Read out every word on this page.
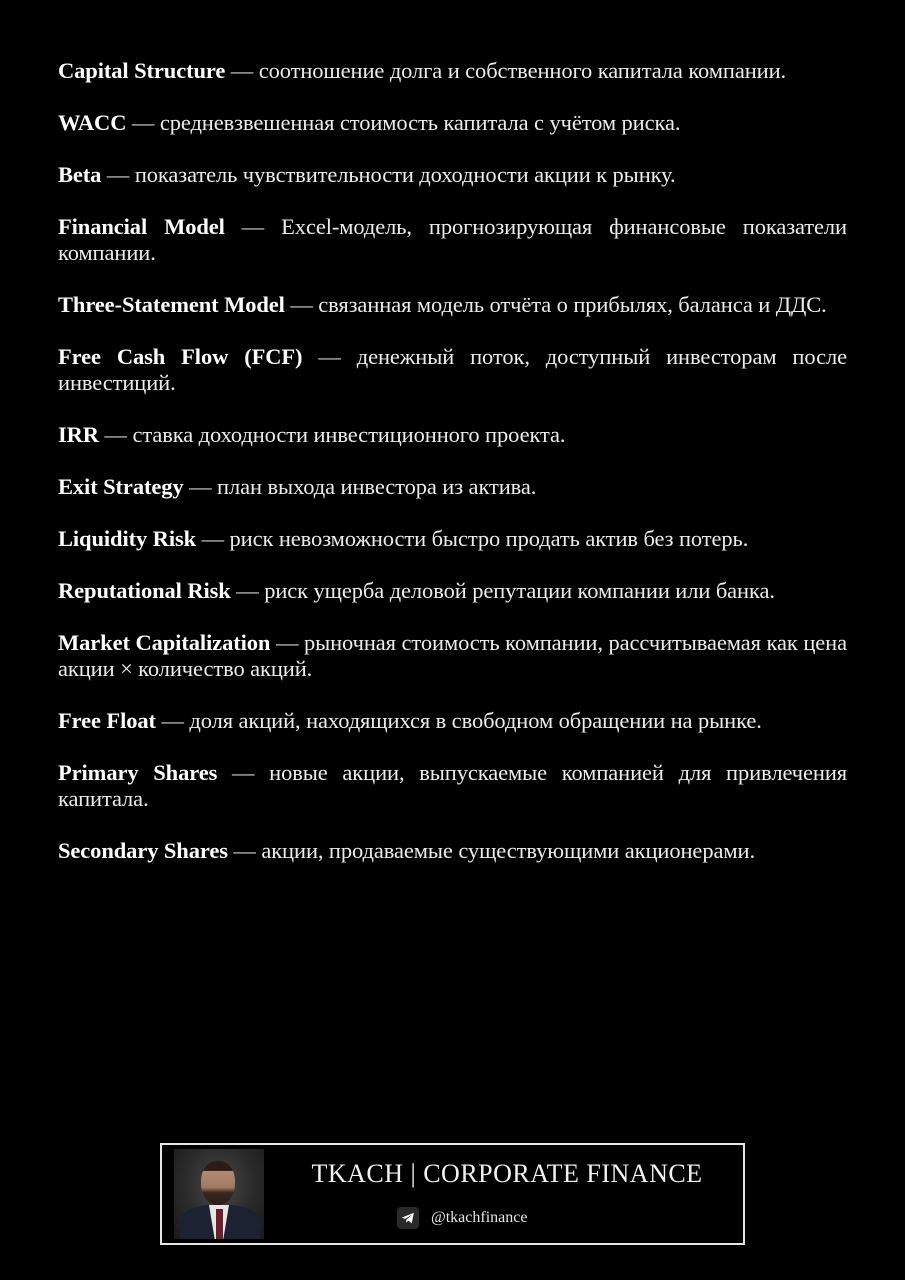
Capital Structure — соотношение долга и собственного капитала компании.
WACC — средневзвешенная стоимость капитала с учётом риска.
Beta — показатель чувствительности доходности акции к рынку.
Financial Model — Excel-модель, прогнозирующая финансовые показатели компании.
Three-Statement Model — связанная модель отчёта о прибылях, баланса и ДДС.
Free Cash Flow (FCF) — денежный поток, доступный инвесторам после инвестиций.
IRR — ставка доходности инвестиционного проекта.
Exit Strategy — план выхода инвестора из актива.
Liquidity Risk — риск невозможности быстро продать актив без потерь.
Reputational Risk — риск ущерба деловой репутации компании или банка.
Market Capitalization — рыночная стоимость компании, рассчитываемая как цена акции × количество акций.
Free Float — доля акций, находящихся в свободном обращении на рынке.
Primary Shares — новые акции, выпускаемые компанией для привлечения капитала.
Secondary Shares — акции, продаваемые существующими акционерами.
TKACH | CORPORATE FINANCE
@tkachfinance
